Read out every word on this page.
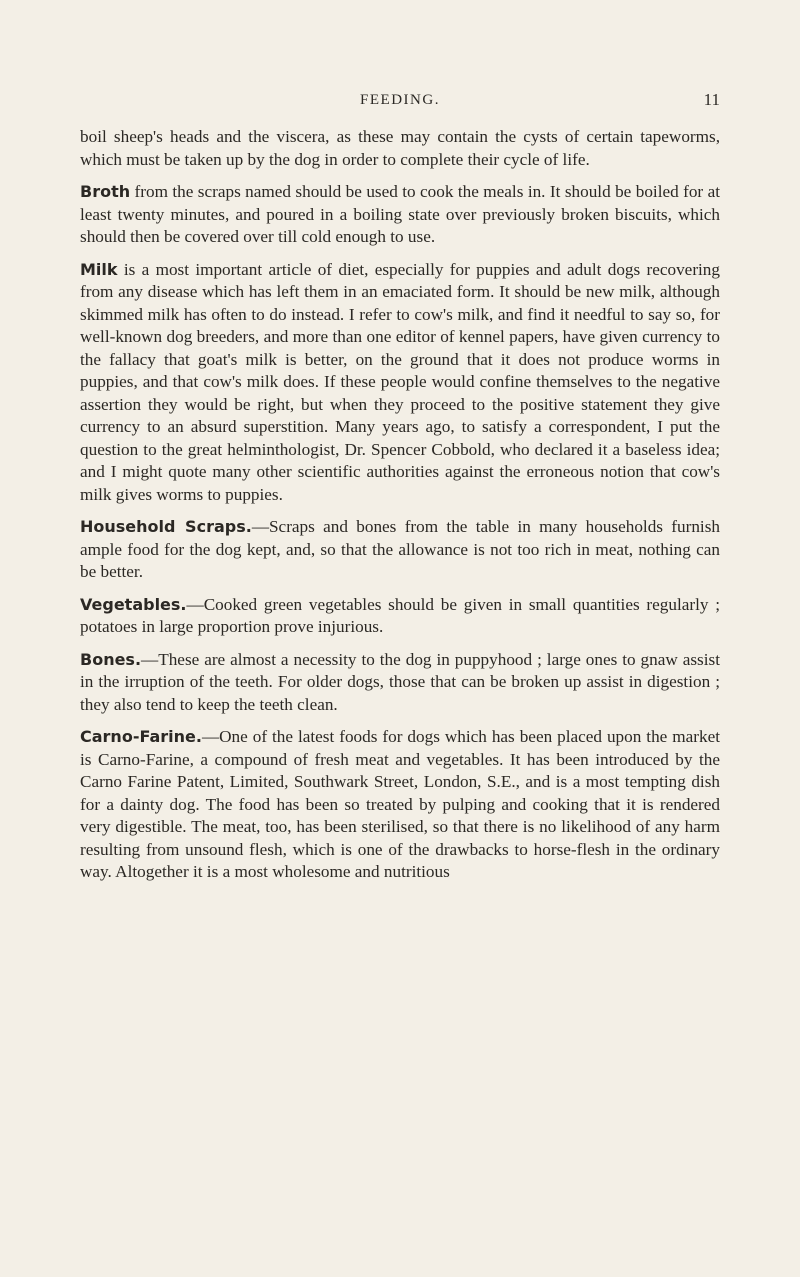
FEEDING.	11

boil sheep's heads and the viscera, as these may contain the cysts of certain tapeworms, which must be taken up by the dog in order to complete their cycle of life.

Broth from the scraps named should be used to cook the meals in. It should be boiled for at least twenty minutes, and poured in a boiling state over previously broken biscuits, which should then be covered over till cold enough to use.

Milk is a most important article of diet, especially for puppies and adult dogs recovering from any disease which has left them in an emaciated form. It should be new milk, although skimmed milk has often to do instead. I refer to cow's milk, and find it needful to say so, for well-known dog breeders, and more than one editor of kennel papers, have given currency to the fallacy that goat's milk is better, on the ground that it does not produce worms in puppies, and that cow's milk does. If these people would confine themselves to the negative assertion they would be right, but when they proceed to the positive statement they give currency to an absurd superstition. Many years ago, to satisfy a correspondent, I put the question to the great helminthologist, Dr. Spencer Cobbold, who declared it a baseless idea; and I might quote many other scientific authorities against the erroneous notion that cow's milk gives worms to puppies.

Household Scraps.—Scraps and bones from the table in many households furnish ample food for the dog kept, and, so that the allowance is not too rich in meat, nothing can be better.

Vegetables.—Cooked green vegetables should be given in small quantities regularly ; potatoes in large proportion prove injurious.

Bones.—These are almost a necessity to the dog in puppyhood ; large ones to gnaw assist in the irruption of the teeth. For older dogs, those that can be broken up assist in digestion ; they also tend to keep the teeth clean.

Carno-Farine.—One of the latest foods for dogs which has been placed upon the market is Carno-Farine, a compound of fresh meat and vegetables. It has been introduced by the Carno Farine Patent, Limited, Southwark Street, London, S.E., and is a most tempting dish for a dainty dog. The food has been so treated by pulping and cooking that it is rendered very digestible. The meat, too, has been sterilised, so that there is no likelihood of any harm resulting from unsound flesh, which is one of the drawbacks to horse-flesh in the ordinary way. Altogether it is a most wholesome and nutritious
